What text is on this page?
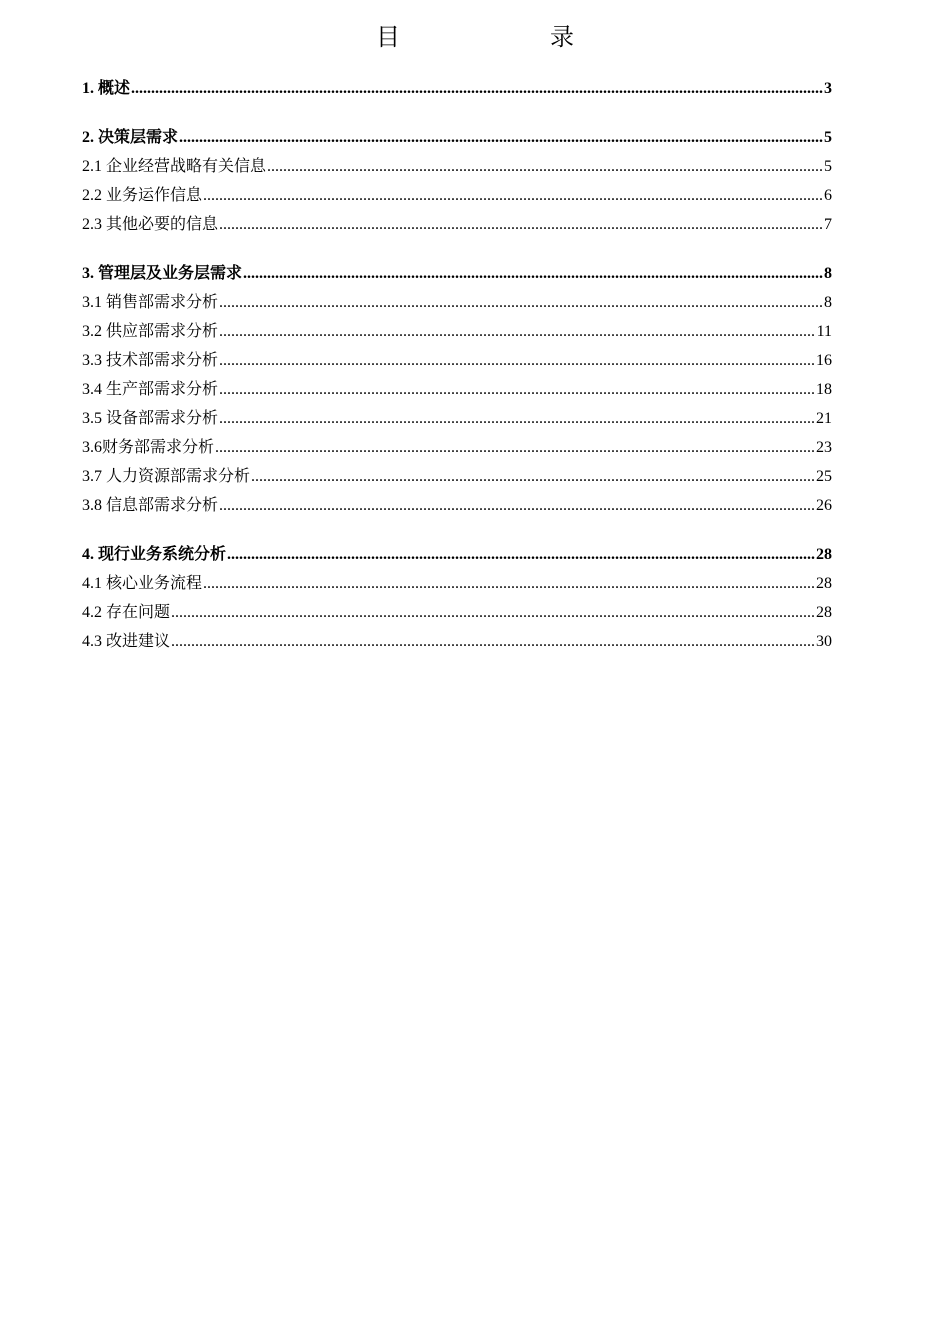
目	录
1. 概述 .....	3
2. 决策层需求 .....	5
2.1 企业经营战略有关信息 .....	5
2.2 业务运作信息 .....	6
2.3 其他必要的信息 .....	7
3. 管理层及业务层需求 .....	8
3.1 销售部需求分析 .....	8
3.2 供应部需求分析 .....	11
3.3 技术部需求分析 .....	16
3.4 生产部需求分析 .....	18
3.5 设备部需求分析 .....	21
3.6财务部需求分析 .....	23
3.7 人力资源部需求分析 .....	25
3.8 信息部需求分析 .....	26
4. 现行业务系统分析 .....	28
4.1 核心业务流程 .....	28
4.2 存在问题 .....	28
4.3 改进建议 .....	30
